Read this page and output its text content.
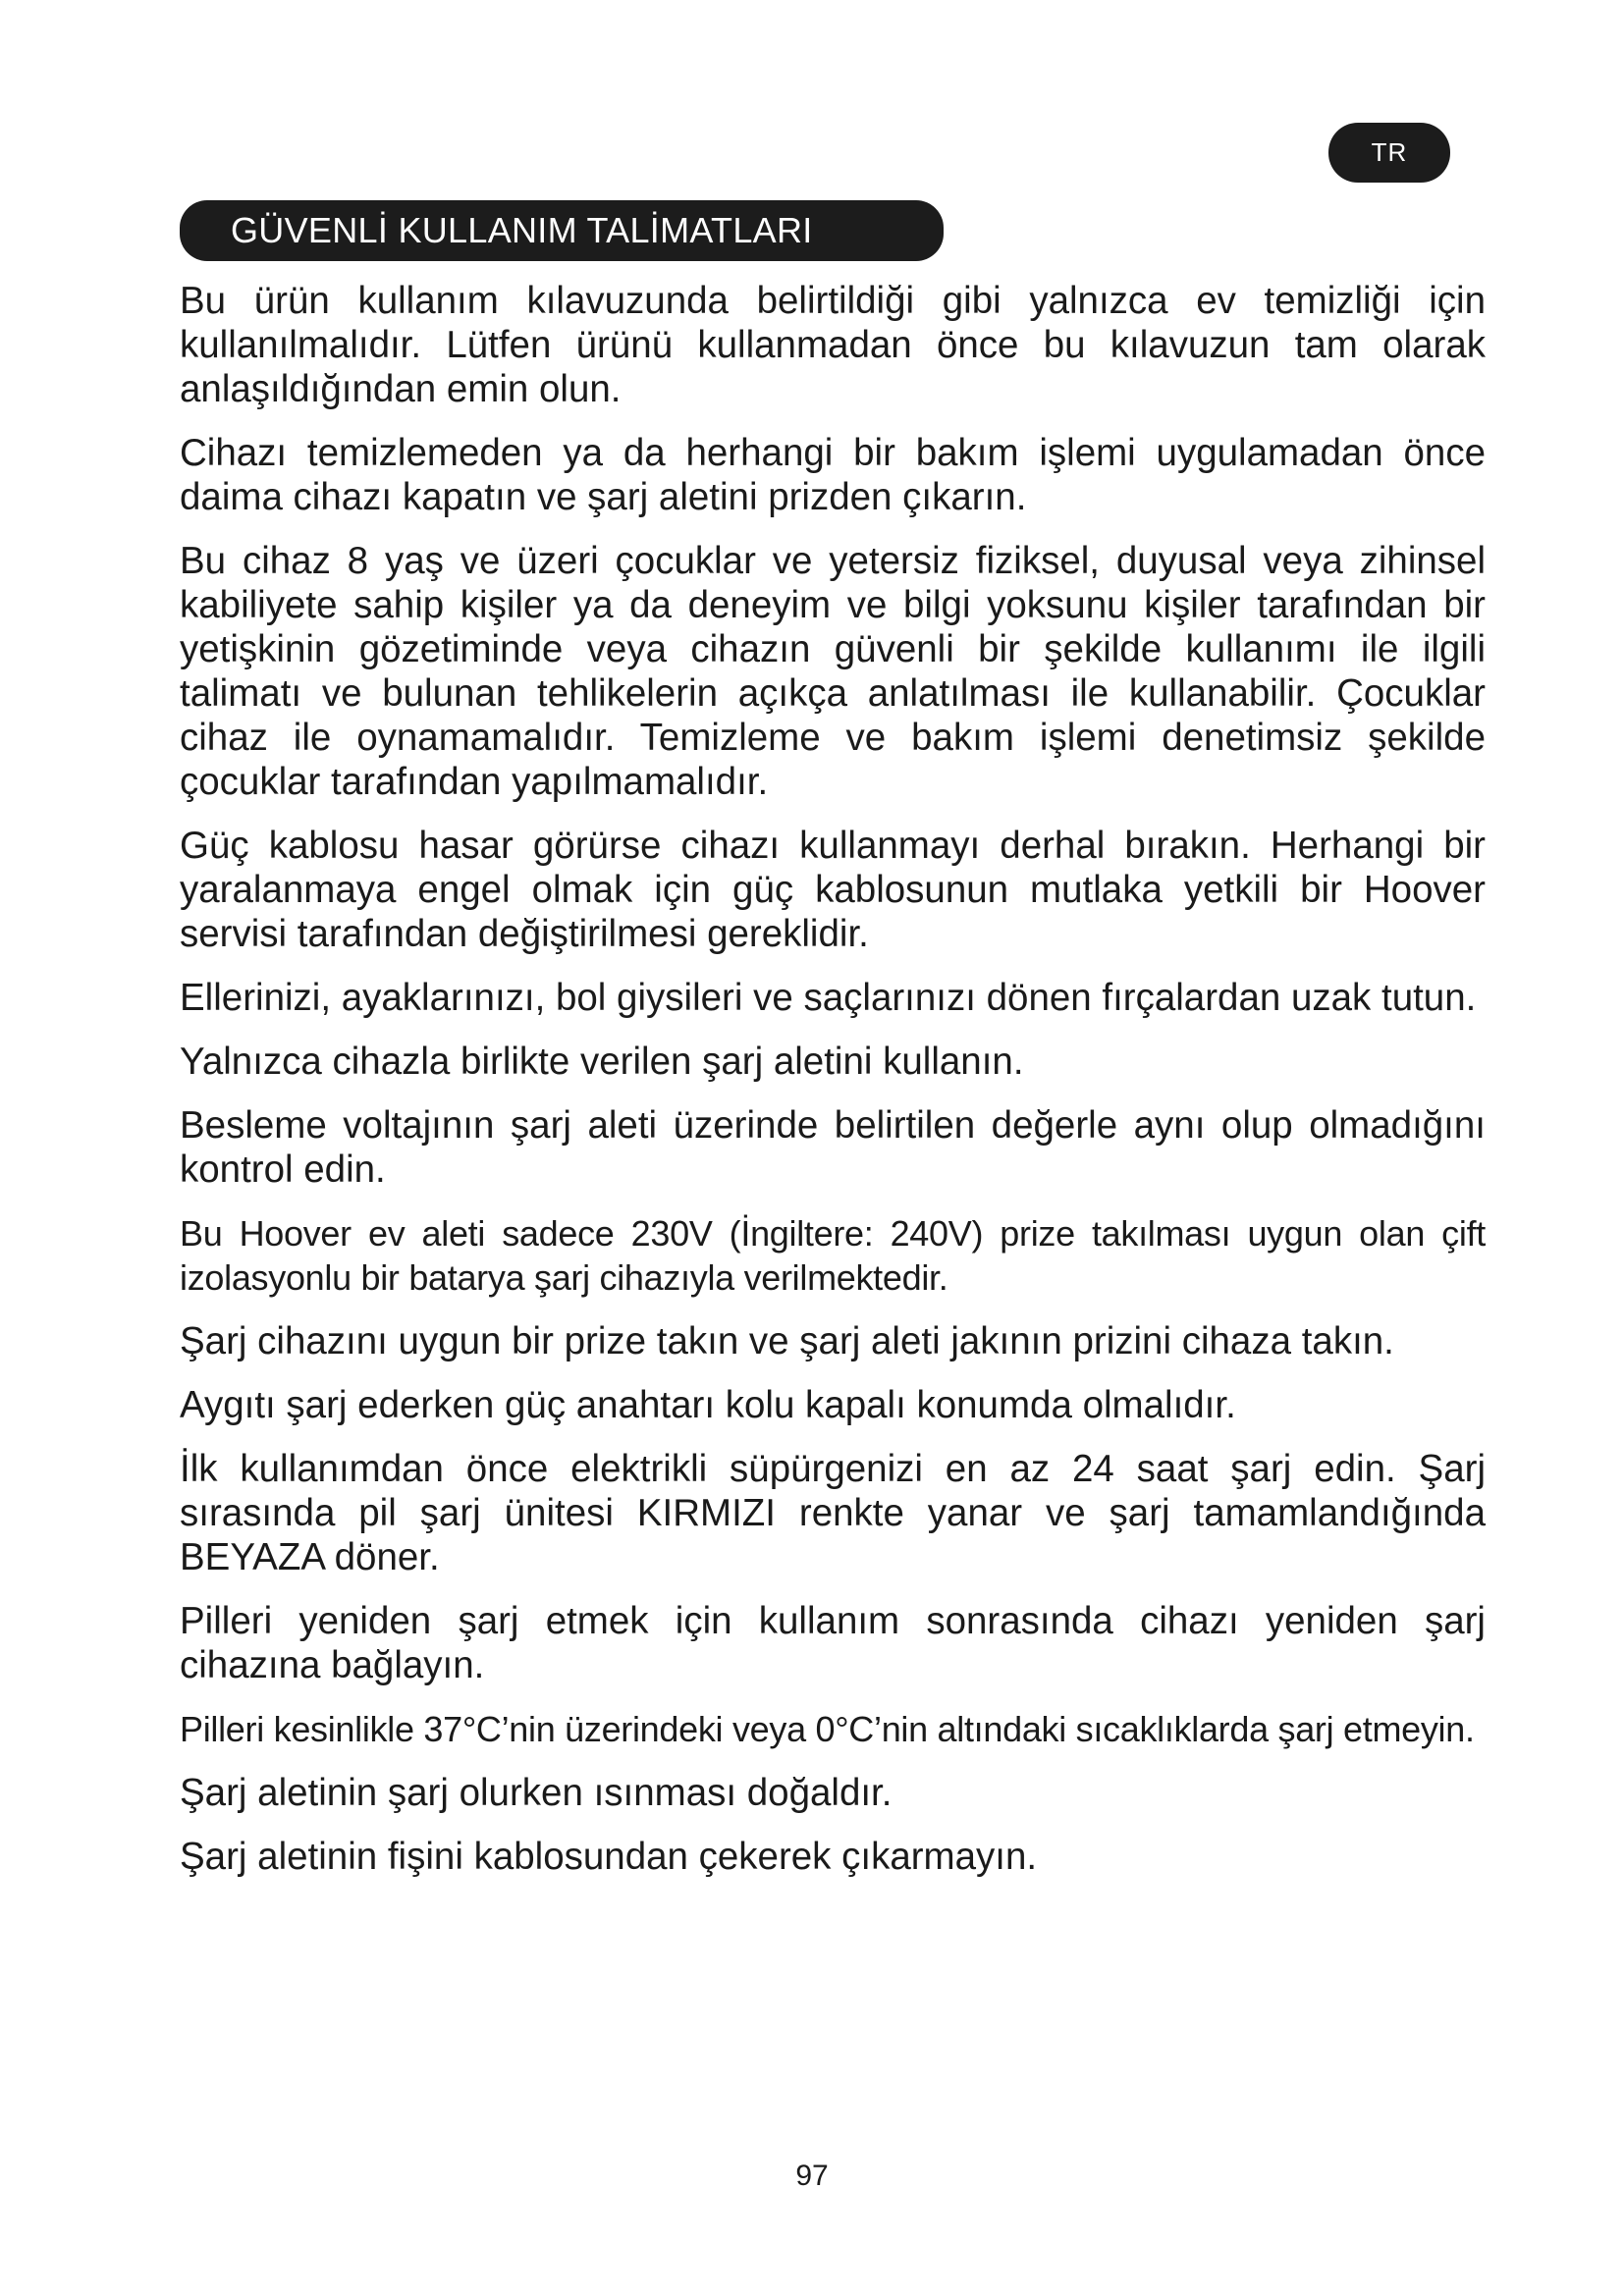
TR
GÜVENLİ KULLANIM TALİMATLARI

Bu ürün kullanım kılavuzunda belirtildiği gibi yalnızca ev temizliği için kullanılmalıdır. Lütfen ürünü kullanmadan önce bu kılavuzun tam olarak anlaşıldığından emin olun.

Cihazı temizlemeden ya da herhangi bir bakım işlemi uygulamadan önce daima cihazı kapatın ve şarj aletini prizden çıkarın.

Bu cihaz 8 yaş ve üzeri çocuklar ve yetersiz fiziksel, duyusal veya zihinsel kabiliyete sahip kişiler ya da deneyim ve bilgi yoksunu kişiler tarafından bir yetişkinin gözetiminde veya cihazın güvenli bir şekilde kullanımı ile ilgili talimatı ve bulunan tehlikelerin açıkça anlatılması ile kullanabilir. Çocuklar cihaz ile oynamamalıdır. Temizleme ve bakım işlemi denetimsiz şekilde çocuklar tarafından yapılmamalıdır.

Güç kablosu hasar görürse cihazı kullanmayı derhal bırakın. Herhangi bir yaralanmaya engel olmak için güç kablosunun mutlaka yetkili bir Hoover servisi tarafından değiştirilmesi gereklidir.

Ellerinizi, ayaklarınızı, bol giysileri ve saçlarınızı dönen fırçalardan uzak tutun.

Yalnızca cihazla birlikte verilen şarj aletini kullanın.

Besleme voltajının şarj aleti üzerinde belirtilen değerle aynı olup olmadığını kontrol edin.

Bu Hoover ev aleti sadece 230V (İngiltere: 240V) prize takılması uygun olan çift izolasyonlu bir batarya şarj cihazıyla verilmektedir.

Şarj cihazını uygun bir prize takın ve şarj aleti jakının prizini cihaza takın.

Aygıtı şarj ederken güç anahtarı kolu kapalı konumda olmalıdır.

İlk kullanımdan önce elektrikli süpürgenizi en az 24 saat şarj edin. Şarj sırasında pil şarj ünitesi KIRMIZI renkte yanar ve şarj tamamlandığında BEYAZA döner.

Pilleri yeniden şarj etmek için kullanım sonrasında cihazı yeniden şarj cihazına bağlayın.

Pilleri kesinlikle 37°C’nin üzerindeki veya 0°C’nin altındaki sıcaklıklarda şarj etmeyin.

Şarj aletinin şarj olurken ısınması doğaldır.

Şarj aletinin fişini kablosundan çekerek çıkarmayın.

97
